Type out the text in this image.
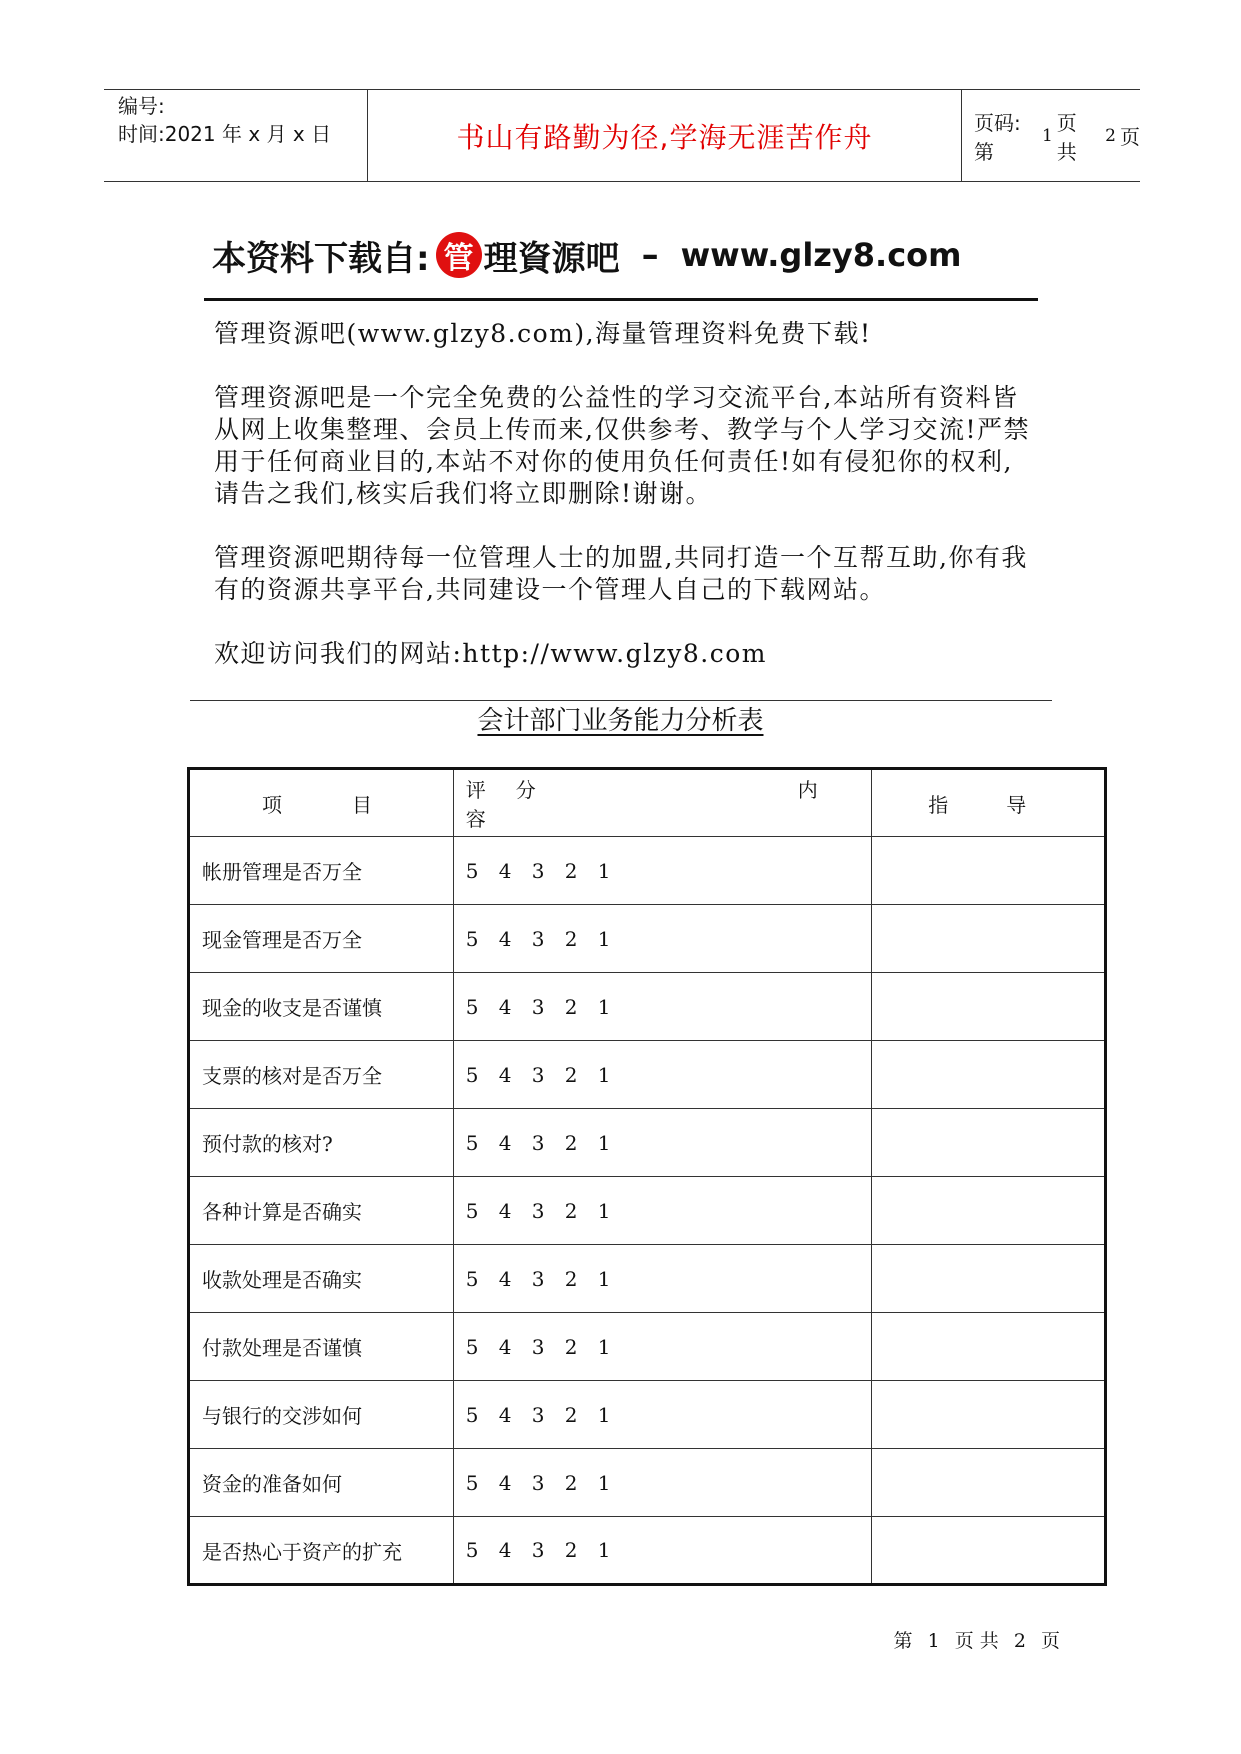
编号:
时间:2021 年 x 月 x 日	书山有路勤为径,学海无涯苦作舟	页码:第
1
页 共
2 页
本资料下载自: 管 理資源吧 – www.glzy8.com

管理资源吧(www.glzy8.com),海量管理资料免费下载!

管理资源吧是一个完全免费的公益性的学习交流平台,本站所有资料皆从网上收集整理、会员上传而来,仅供参考、教学与个人学习交流!严禁用于任何商业目的,本站不对你的使用负任何责任!如有侵犯你的权利,请告之我们,核实后我们将立即删除!谢谢。

管理资源吧期待每一位管理人士的加盟,共同打造一个互帮互助,你有我有的资源共享平台,共同建设一个管理人自己的下载网站。

欢迎访问我们的网站:http://www.glzy8.com

会计部门业务能力分析表
项 目	评 分 内容	指 导
帐册管理是否万全	5 4 3 2 1	
现金管理是否万全	5 4 3 2 1	
现金的收支是否谨慎	5 4 3 2 1	
支票的核对是否万全	5 4 3 2 1	
预付款的核对?	5 4 3 2 1	
各种计算是否确实	5 4 3 2 1	
收款处理是否确实	5 4 3 2 1	
付款处理是否谨慎	5 4 3 2 1	
与银行的交涉如何	5 4 3 2 1	
资金的准备如何	5 4 3 2 1	
是否热心于资产的扩充	5 4 3 2 1	
第 1 页 共 2 页
